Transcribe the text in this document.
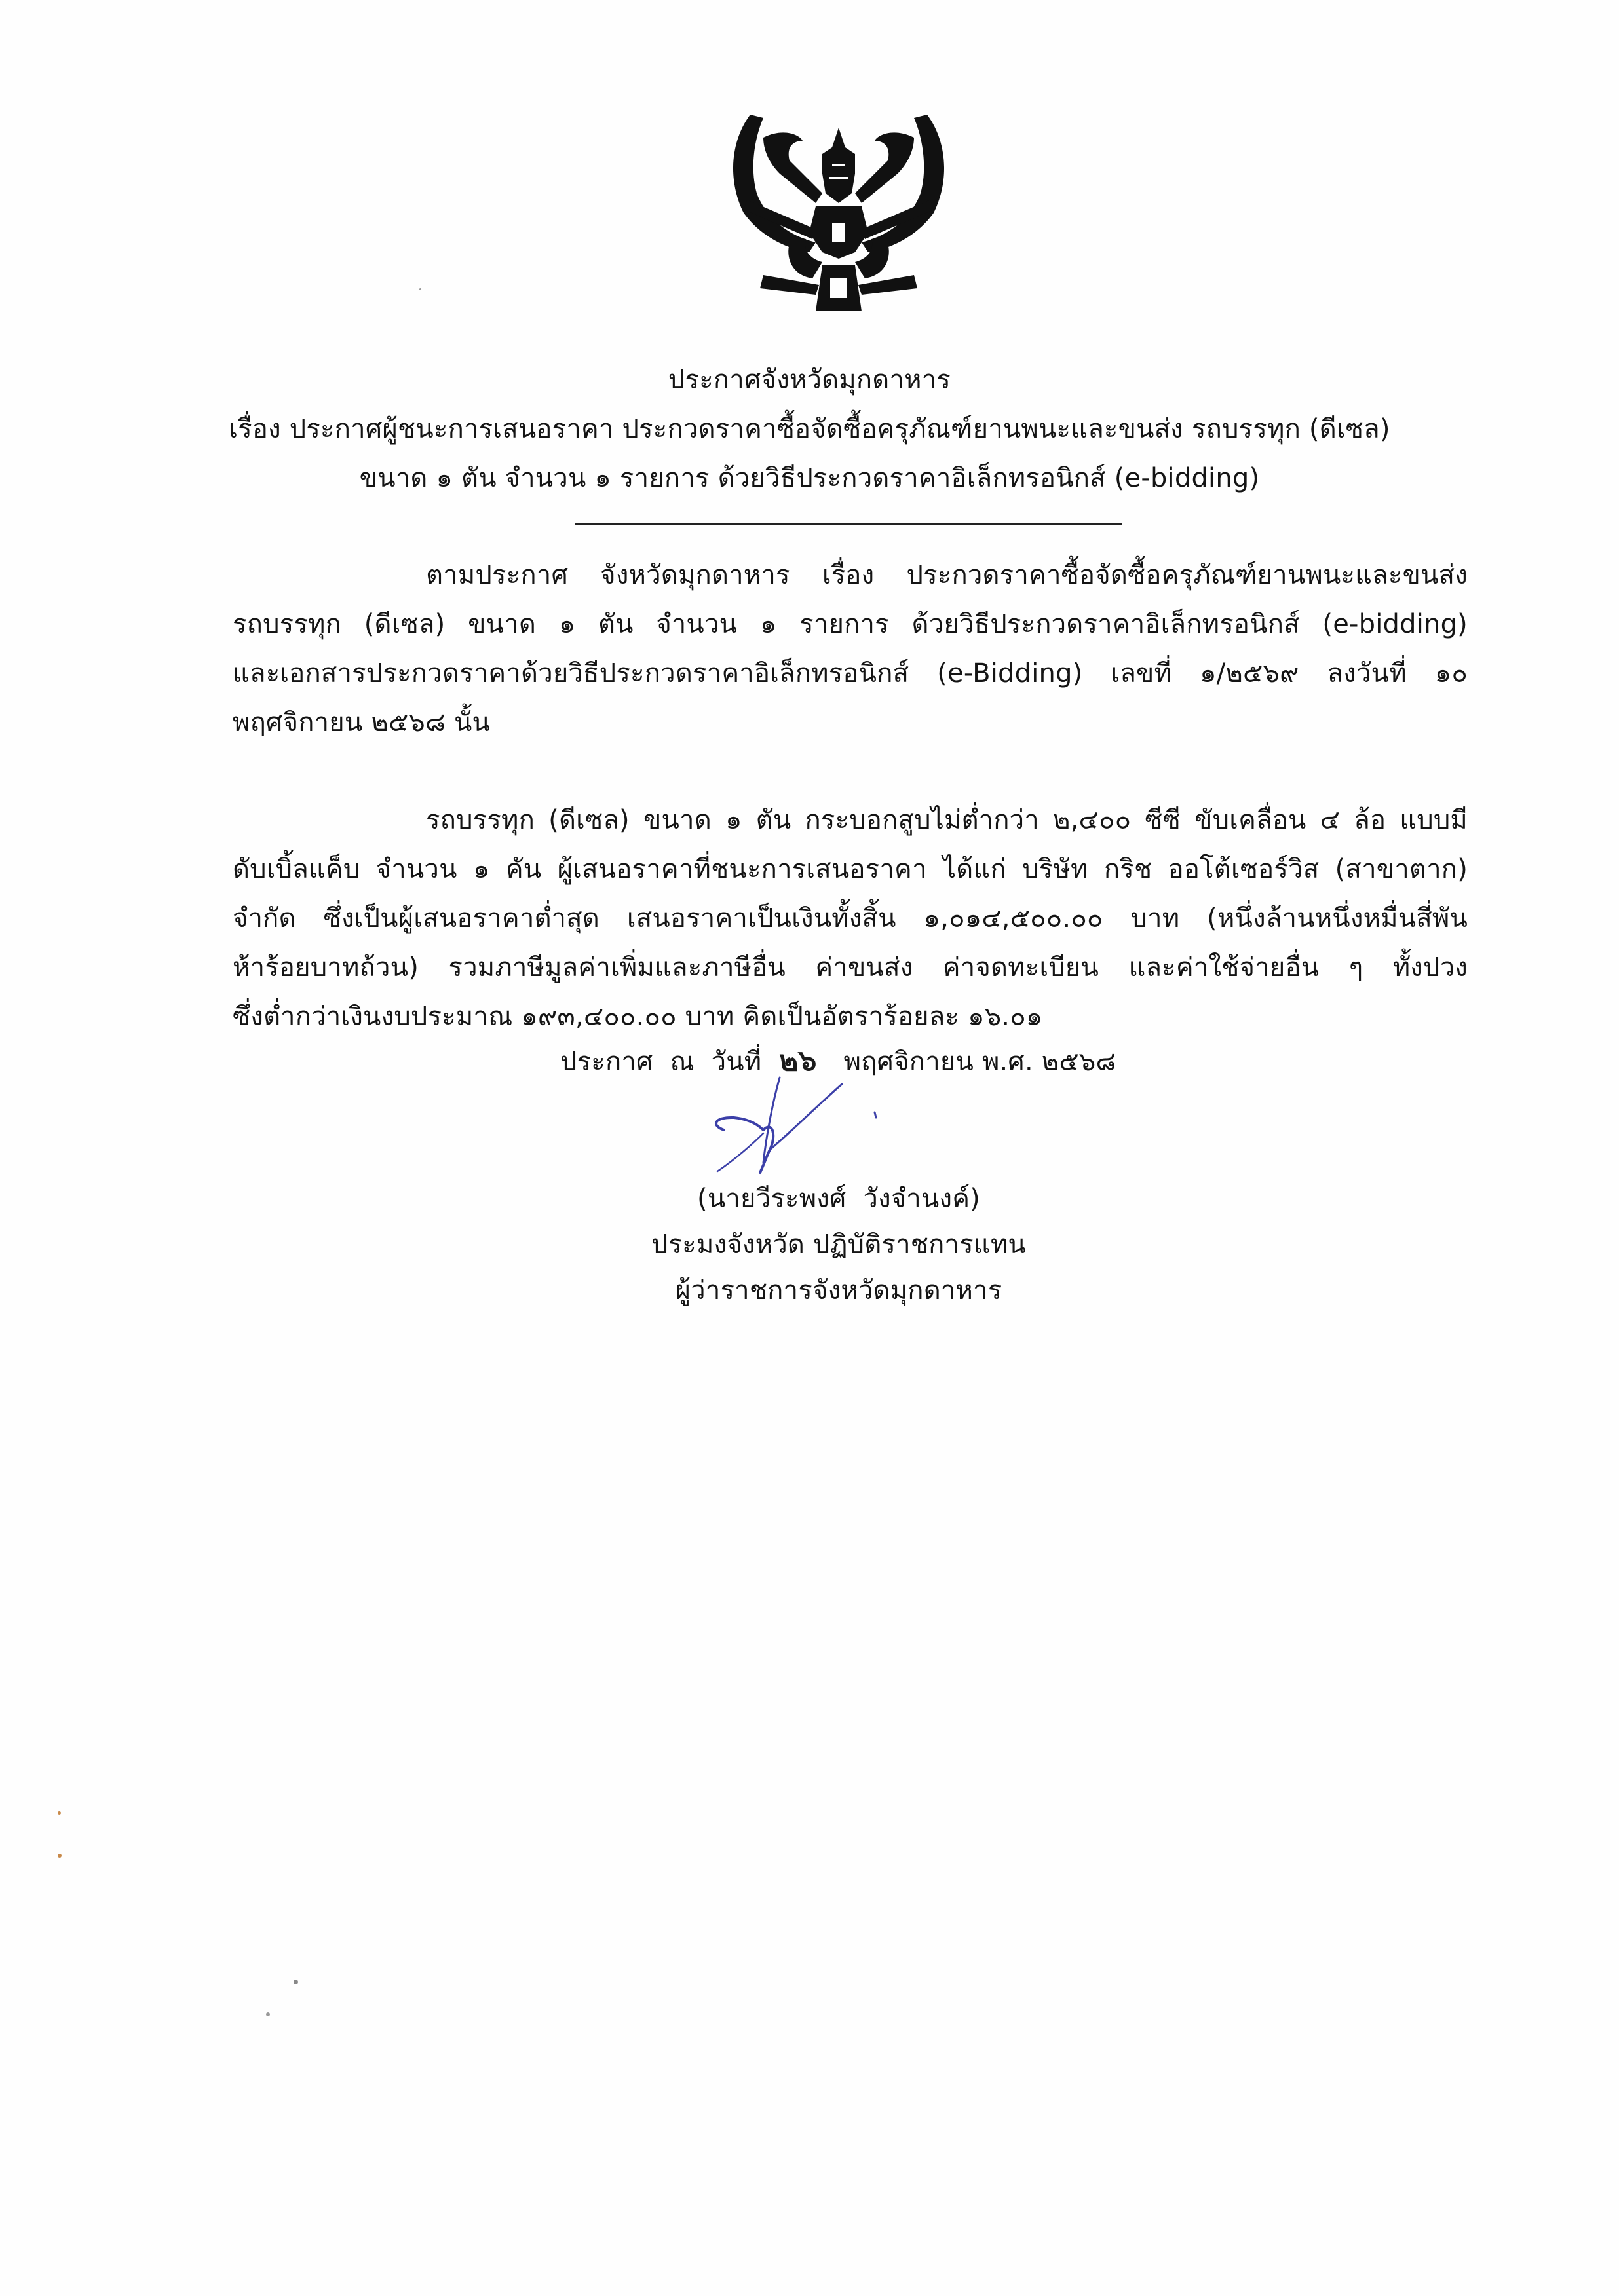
ประกาศจังหวัดมุกดาหาร
เรื่อง ประกาศผู้ชนะการเสนอราคา ประกวดราคาซื้อจัดซื้อครุภัณฑ์ยานพนะและขนส่ง รถบรรทุก (ดีเซล)
ขนาด ๑ ตัน จำนวน ๑ รายการ ด้วยวิธีประกวดราคาอิเล็กทรอนิกส์ (e-bidding)
ตามประกาศ จังหวัดมุกดาหาร เรื่อง ประกวดราคาซื้อจัดซื้อครุภัณฑ์ยานพนะและขนส่ง
รถบรรทุก (ดีเซล) ขนาด ๑ ตัน จำนวน ๑ รายการ ด้วยวิธีประกวดราคาอิเล็กทรอนิกส์ (e-bidding)
และเอกสารประกวดราคาด้วยวิธีประกวดราคาอิเล็กทรอนิกส์ (e-Bidding) เลขที่ ๑/๒๕๖๙ ลงวันที่ ๑๐
พฤศจิกายน ๒๕๖๘ นั้น
รถบรรทุก (ดีเซล) ขนาด ๑ ตัน กระบอกสูบไม่ต่ำกว่า ๒,๔๐๐ ซีซี ขับเคลื่อน ๔ ล้อ แบบมี
ดับเบิ้ลแค็บ จำนวน ๑ คัน ผู้เสนอราคาที่ชนะการเสนอราคา ได้แก่ บริษัท กริช ออโต้เซอร์วิส (สาขาตาก)
จำกัด ซึ่งเป็นผู้เสนอราคาต่ำสุด เสนอราคาเป็นเงินทั้งสิ้น ๑,๐๑๔,๕๐๐.๐๐ บาท (หนึ่งล้านหนึ่งหมื่นสี่พัน
ห้าร้อยบาทถ้วน) รวมภาษีมูลค่าเพิ่มและภาษีอื่น ค่าขนส่ง ค่าจดทะเบียน และค่าใช้จ่ายอื่น ๆ ทั้งปวง
ซึ่งต่ำกว่าเงินงบประมาณ ๑๙๓,๔๐๐.๐๐ บาท คิดเป็นอัตราร้อยละ ๑๖.๐๑
ประกาศ  ณ  วันที่ ๒๖ พฤศจิกายน พ.ศ. ๒๕๖๘
(นายวีระพงศ์  วังจำนงค์)
ประมงจังหวัด ปฏิบัติราชการแทน
ผู้ว่าราชการจังหวัดมุกดาหาร
